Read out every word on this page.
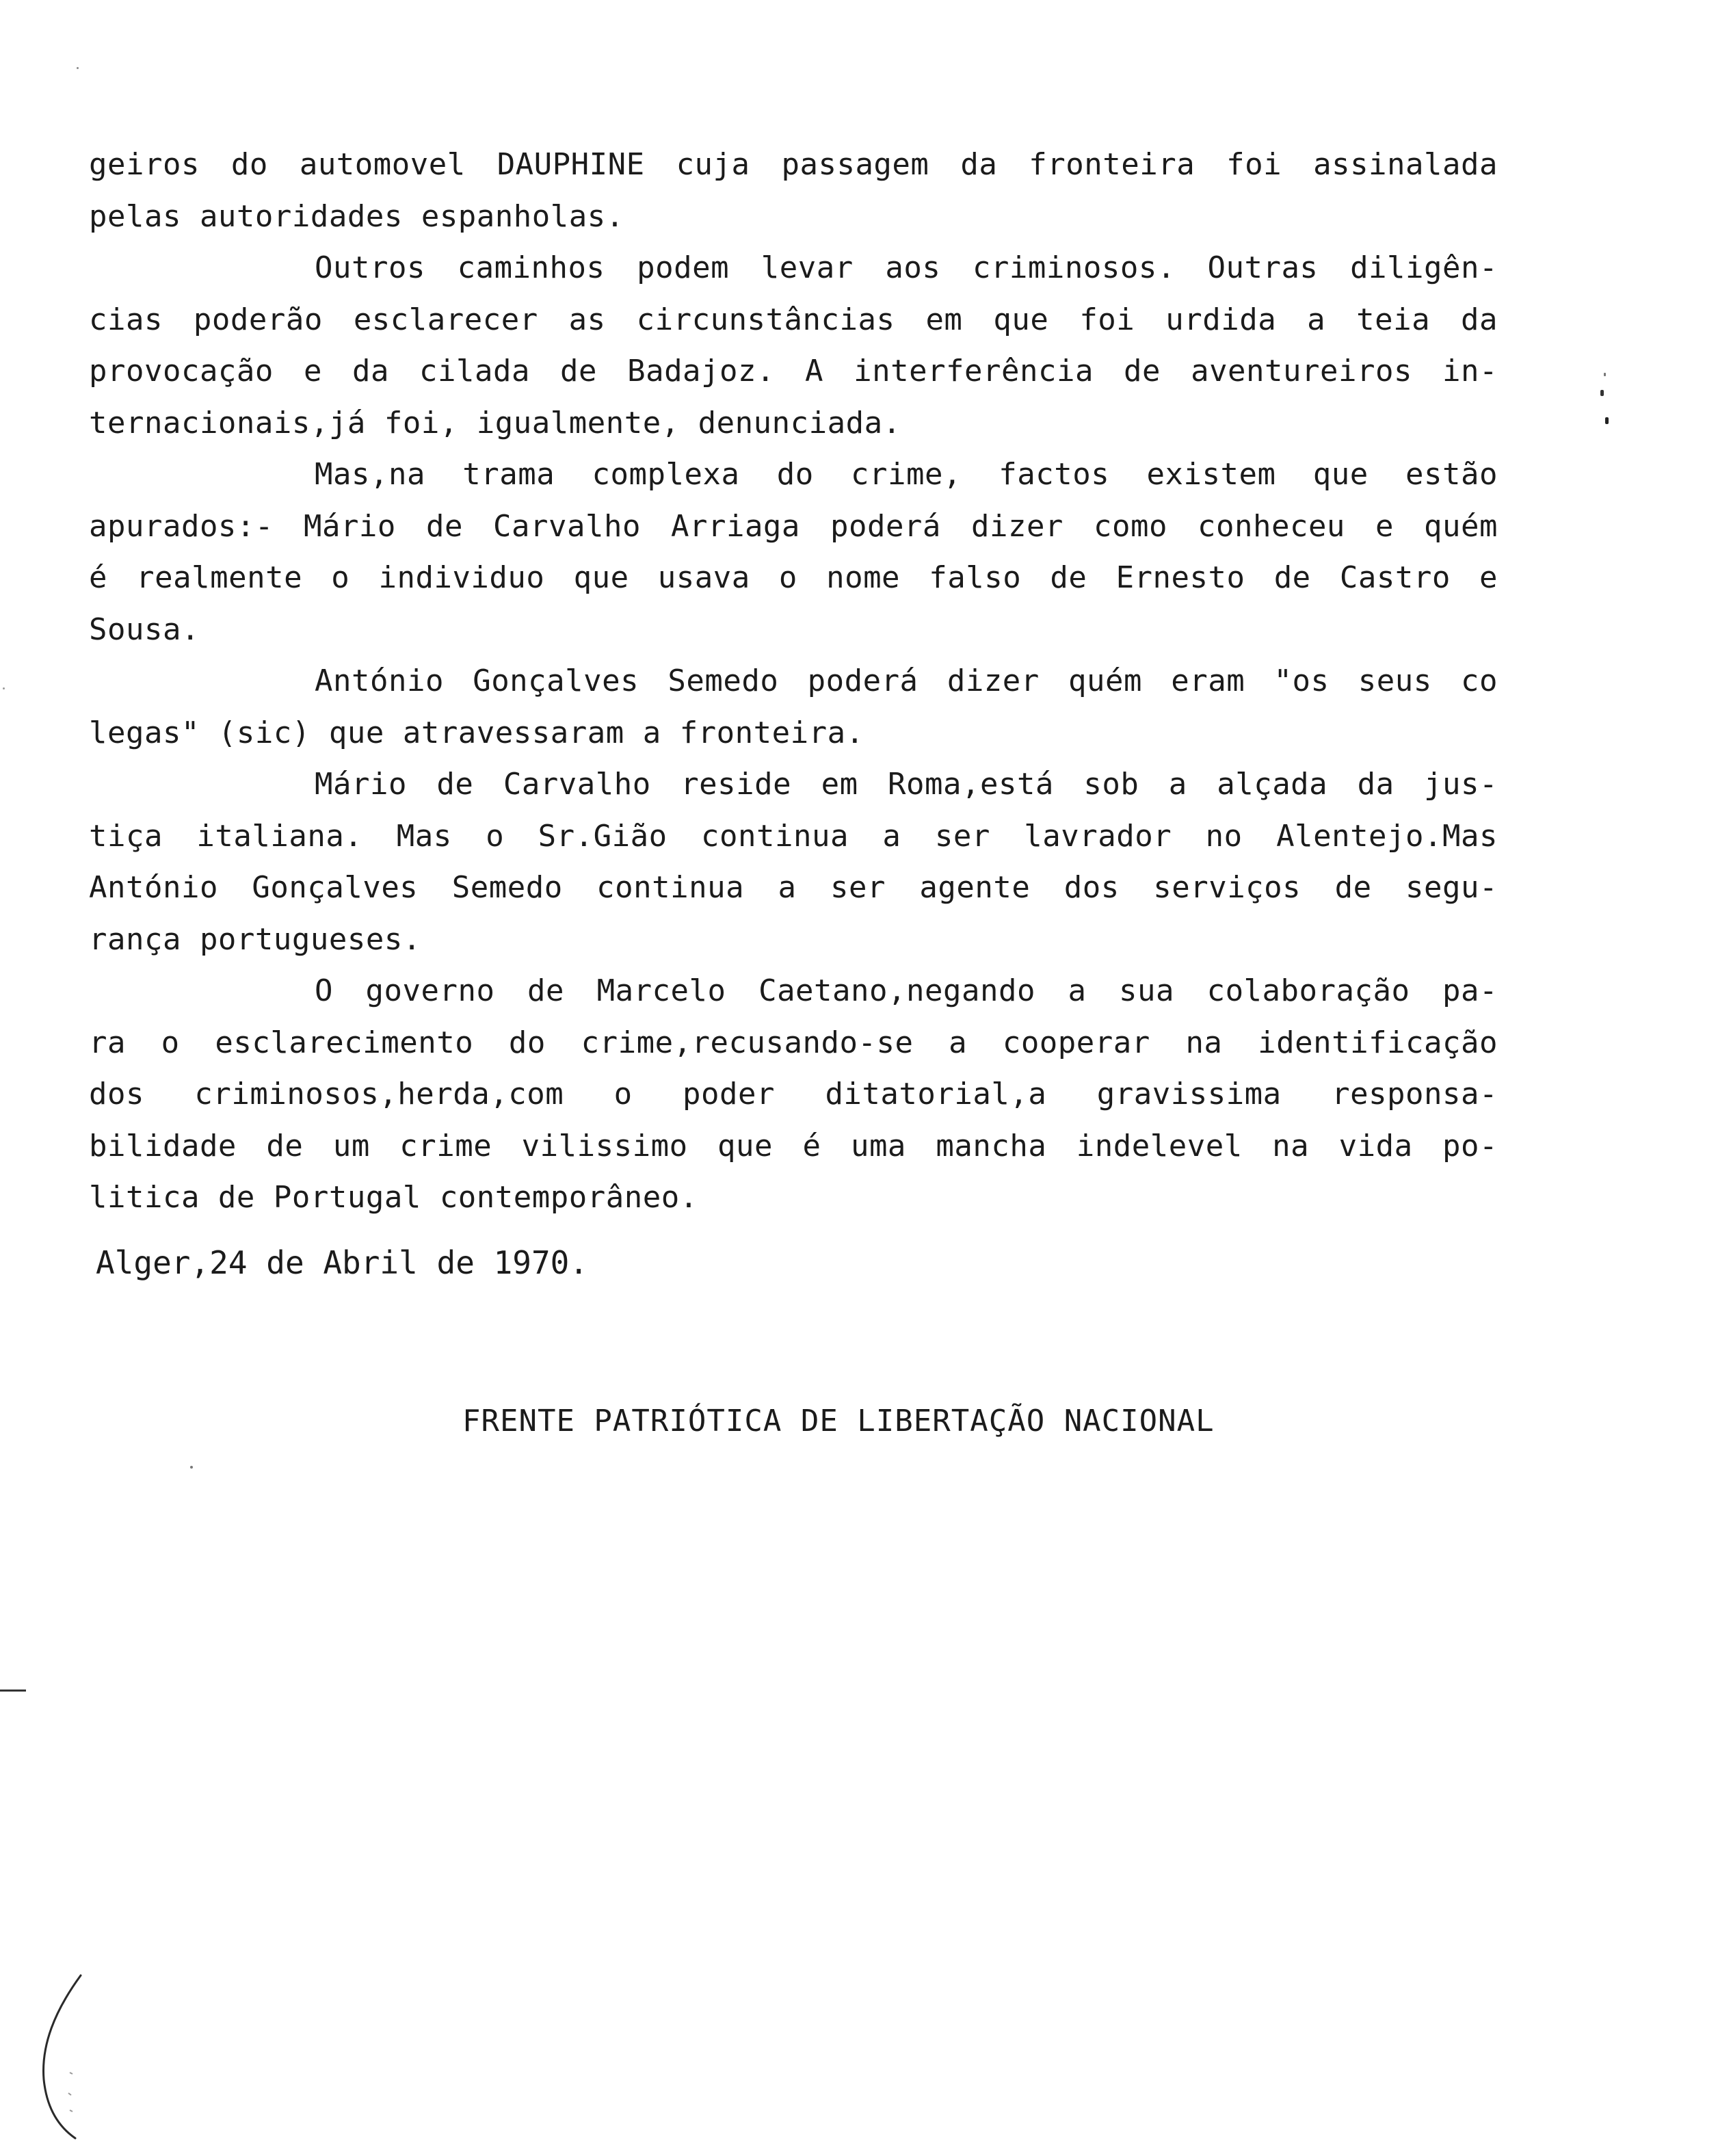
geiros do automovel DAUPHINE cuja passagem da fronteira foi assinalada
pelas autoridades espanholas.
Outros caminhos podem levar aos criminosos. Outras diligên-
cias poderão esclarecer as circunstâncias em que foi urdida a teia da
provocação e da cilada de Badajoz. A interferência de aventureiros in-
ternacionais,já foi, igualmente, denunciada.
Mas,na trama complexa do crime, factos existem que estão
apurados:- Mário de Carvalho Arriaga poderá dizer como conheceu e quém
é realmente o individuo que usava o nome falso de Ernesto de Castro e
Sousa.
António Gonçalves Semedo poderá dizer quém eram "os seus co
legas" (sic) que atravessaram a fronteira.
Mário de Carvalho reside em Roma,está sob a alçada da jus-
tiça italiana. Mas o Sr.Gião continua a ser lavrador no Alentejo.Mas
António Gonçalves Semedo continua a ser agente dos serviços de segu-
rança portugueses.
O governo de Marcelo Caetano,negando a sua colaboração pa-
ra o esclarecimento do crime,recusando-se a cooperar na identificação
dos criminosos,herda,com o poder ditatorial,a gravissima responsa-
bilidade de um crime vilissimo que é uma mancha indelevel na vida po-
litica de Portugal contemporâneo.
Alger,24 de Abril de 1970.
FRENTE PATRIÓTICA DE LIBERTAÇÃO NACIONAL
